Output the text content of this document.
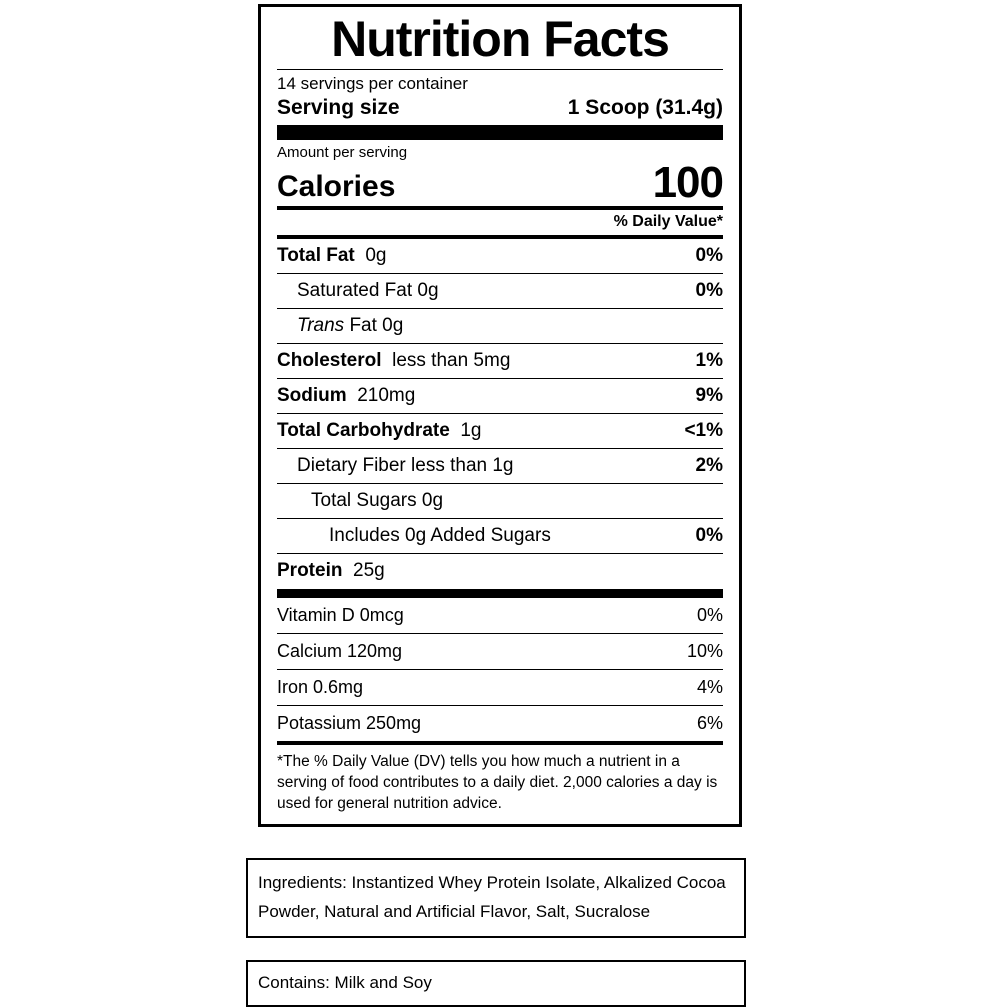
Nutrition Facts
14 servings per container
Serving size	1 Scoop (31.4g)
Amount per serving
Calories	100
% Daily Value*
Total Fat 0g	0%
Saturated Fat 0g	0%
Trans Fat 0g
Cholesterol less than 5mg	1%
Sodium 210mg	9%
Total Carbohydrate 1g	<1%
Dietary Fiber less than 1g	2%
Total Sugars 0g
Includes 0g Added Sugars	0%
Protein 25g
Vitamin D 0mcg	0%
Calcium 120mg	10%
Iron 0.6mg	4%
Potassium 250mg	6%
*The % Daily Value (DV) tells you how much a nutrient in a serving of food contributes to a daily diet. 2,000 calories a day is used for general nutrition advice.
Ingredients: Instantized Whey Protein Isolate, Alkalized Cocoa Powder, Natural and Artificial Flavor, Salt, Sucralose
Contains: Milk and Soy
